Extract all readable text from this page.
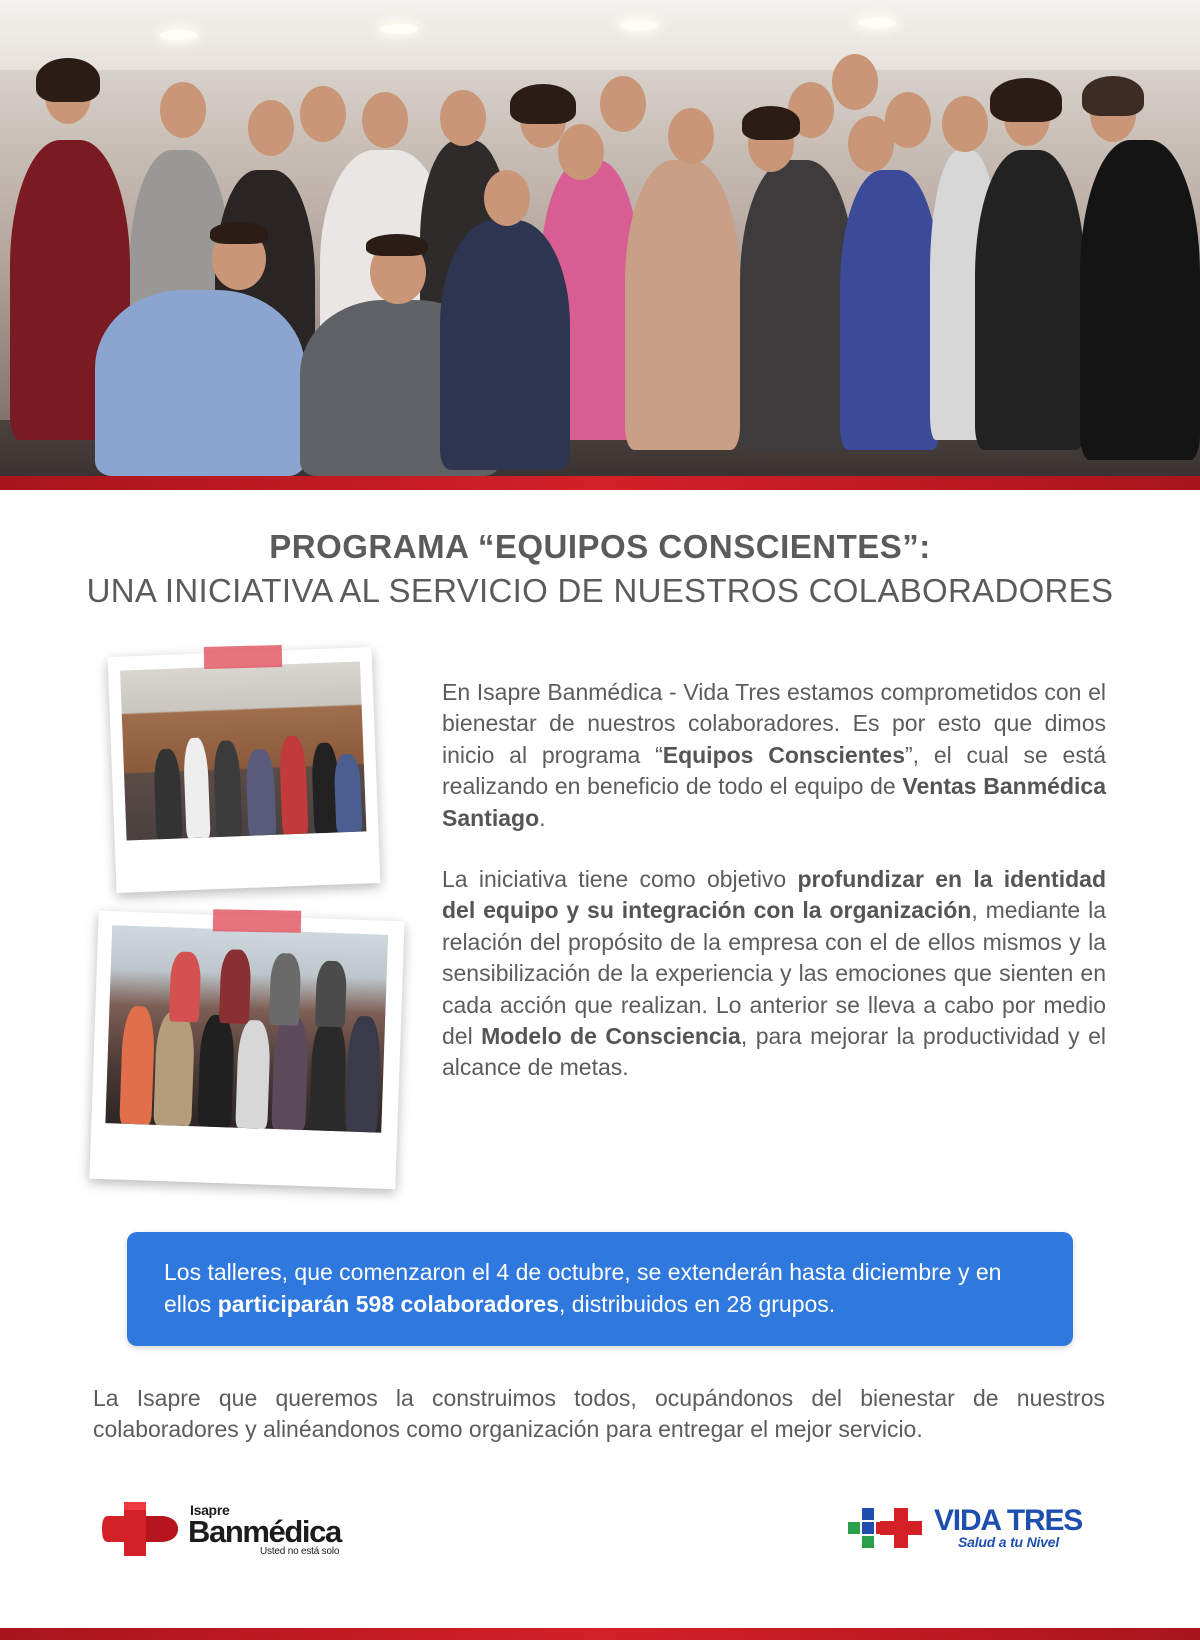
PROGRAMA “EQUIPOS CONSCIENTES”:
UNA INICIATIVA AL SERVICIO DE NUESTROS COLABORADORES
En Isapre Banmédica - Vida Tres estamos comprometidos con el bienestar de nuestros colaboradores. Es por esto que dimos inicio al programa “Equipos Conscientes”, el cual se está realizando en beneficio de todo el equipo de Ventas Banmédica Santiago.
La iniciativa tiene como objetivo profundizar en la identidad del equipo y su integración con la organización, mediante la relación del propósito de la empresa con el de ellos mismos y la sensibilización de la experiencia y las emociones que sienten en cada acción que realizan. Lo anterior se lleva a cabo por medio del Modelo de Consciencia, para mejorar la productividad y el alcance de metas.
Los talleres, que comenzaron el 4 de octubre, se extenderán hasta diciembre y en ellos participarán 598 colaboradores, distribuidos en 28 grupos.
La Isapre que queremos la construimos todos, ocupándonos del bienestar de nuestros colaboradores y alinéandonos como organización para entregar el mejor servicio.
Isapre
Banmédica
Usted no está solo
VIDA TRES
Salud a tu Nivel
